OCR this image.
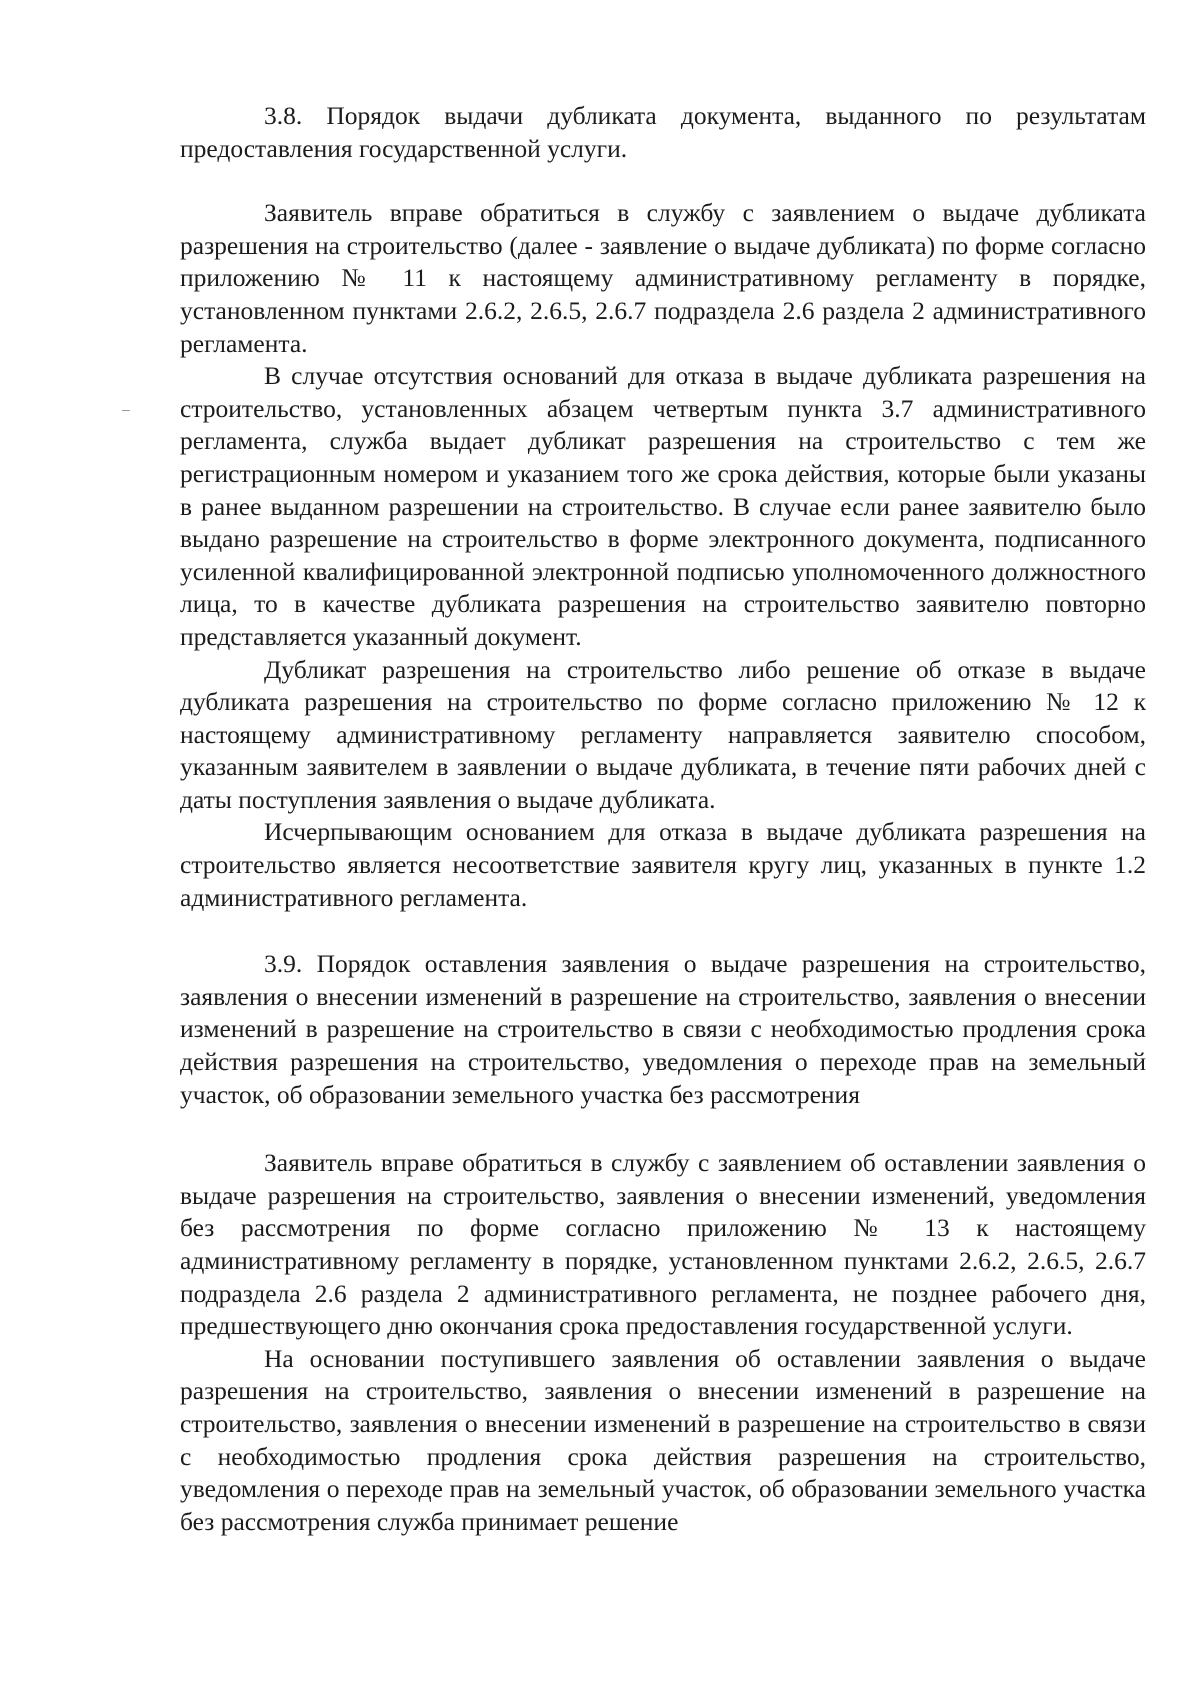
3.8. Порядок выдачи дубликата документа, выданного по результатам предоставления государственной услуги.

Заявитель вправе обратиться в службу с заявлением о выдаче дубликата разрешения на строительство (далее - заявление о выдаче дубликата) по форме согласно приложению № 11 к настоящему административному регламенту в порядке, установленном пунктами 2.6.2, 2.6.5, 2.6.7 подраздела 2.6 раздела 2 административного регламента.

В случае отсутствия оснований для отказа в выдаче дубликата разрешения на строительство, установленных абзацем четвертым пункта 3.7 административного регламента, служба выдает дубликат разрешения на строительство с тем же регистрационным номером и указанием того же срока действия, которые были указаны в ранее выданном разрешении на строительство. В случае если ранее заявителю было выдано разрешение на строительство в форме электронного документа, подписанного усиленной квалифицированной электронной подписью уполномоченного должностного лица, то в качестве дубликата разрешения на строительство заявителю повторно представляется указанный документ.

Дубликат разрешения на строительство либо решение об отказе в выдаче дубликата разрешения на строительство по форме согласно приложению № 12 к настоящему административному регламенту направляется заявителю способом, указанным заявителем в заявлении о выдаче дубликата, в течение пяти рабочих дней с даты поступления заявления о выдаче дубликата.

Исчерпывающим основанием для отказа в выдаче дубликата разрешения на строительство является несоответствие заявителя кругу лиц, указанных в пункте 1.2 административного регламента.

3.9. Порядок оставления заявления о выдаче разрешения на строительство, заявления о внесении изменений в разрешение на строительство, заявления о внесении изменений в разрешение на строительство в связи с необходимостью продления срока действия разрешения на строительство, уведомления о переходе прав на земельный участок, об образовании земельного участка без рассмотрения

Заявитель вправе обратиться в службу с заявлением об оставлении заявления о выдаче разрешения на строительство, заявления о внесении изменений, уведомления без рассмотрения по форме согласно приложению № 13 к настоящему административному регламенту в порядке, установленном пунктами 2.6.2, 2.6.5, 2.6.7 подраздела 2.6 раздела 2 административного регламента, не позднее рабочего дня, предшествующего дню окончания срока предоставления государственной услуги.

На основании поступившего заявления об оставлении заявления о выдаче разрешения на строительство, заявления о внесении изменений в разрешение на строительство, заявления о внесении изменений в разрешение на строительство в связи с необходимостью продления срока действия разрешения на строительство, уведомления о переходе прав на земельный участок, об образовании земельного участка без рассмотрения служба принимает решение
